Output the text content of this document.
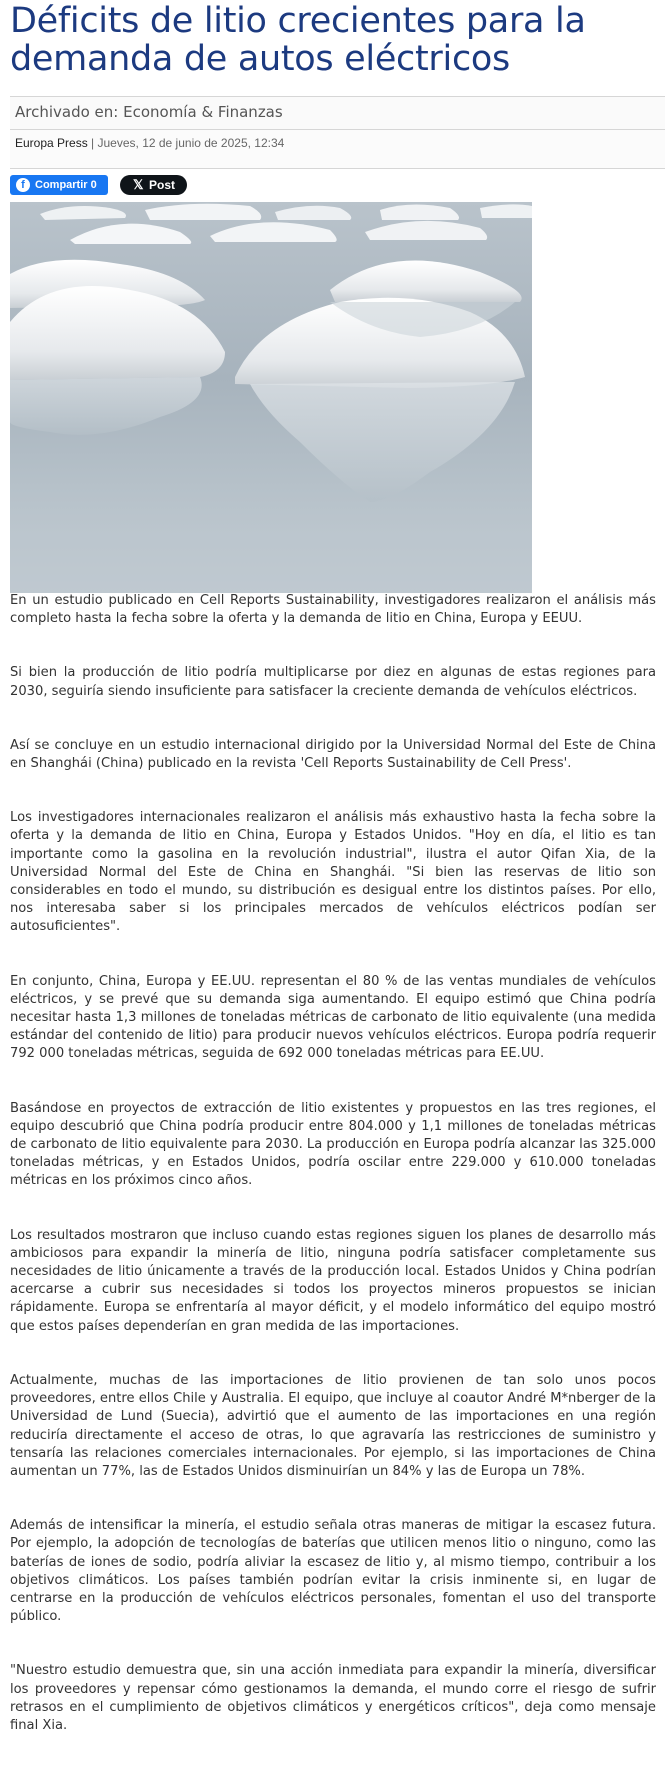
Déficits de litio crecientes para la demanda de autos eléctricos
Archivado en: Economía & Finanzas
Europa Press | Jueves, 12 de junio de 2025, 12:34
f Compartir 0	𝕏 Post

En un estudio publicado en Cell Reports Sustainability, investigadores realizaron el análisis más completo hasta la fecha sobre la oferta y la demanda de litio en China, Europa y EEUU.

Si bien la producción de litio podría multiplicarse por diez en algunas de estas regiones para 2030, seguiría siendo insuficiente para satisfacer la creciente demanda de vehículos eléctricos.

Así se concluye en un estudio internacional dirigido por la Universidad Normal del Este de China en Shanghái (China) publicado en la revista 'Cell Reports Sustainability de Cell Press'.

Los investigadores internacionales realizaron el análisis más exhaustivo hasta la fecha sobre la oferta y la demanda de litio en China, Europa y Estados Unidos. "Hoy en día, el litio es tan importante como la gasolina en la revolución industrial", ilustra el autor Qifan Xia, de la Universidad Normal del Este de China en Shanghái. "Si bien las reservas de litio son considerables en todo el mundo, su distribución es desigual entre los distintos países. Por ello, nos interesaba saber si los principales mercados de vehículos eléctricos podían ser autosuficientes".

En conjunto, China, Europa y EE.UU. representan el 80 % de las ventas mundiales de vehículos eléctricos, y se prevé que su demanda siga aumentando. El equipo estimó que China podría necesitar hasta 1,3 millones de toneladas métricas de carbonato de litio equivalente (una medida estándar del contenido de litio) para producir nuevos vehículos eléctricos. Europa podría requerir 792 000 toneladas métricas, seguida de 692 000 toneladas métricas para EE.UU.

Basándose en proyectos de extracción de litio existentes y propuestos en las tres regiones, el equipo descubrió que China podría producir entre 804.000 y 1,1 millones de toneladas métricas de carbonato de litio equivalente para 2030. La producción en Europa podría alcanzar las 325.000 toneladas métricas, y en Estados Unidos, podría oscilar entre 229.000 y 610.000 toneladas métricas en los próximos cinco años.

Los resultados mostraron que incluso cuando estas regiones siguen los planes de desarrollo más ambiciosos para expandir la minería de litio, ninguna podría satisfacer completamente sus necesidades de litio únicamente a través de la producción local. Estados Unidos y China podrían acercarse a cubrir sus necesidades si todos los proyectos mineros propuestos se inician rápidamente. Europa se enfrentaría al mayor déficit, y el modelo informático del equipo mostró que estos países dependerían en gran medida de las importaciones.

Actualmente, muchas de las importaciones de litio provienen de tan solo unos pocos proveedores, entre ellos Chile y Australia. El equipo, que incluye al coautor André M*nberger de la Universidad de Lund (Suecia), advirtió que el aumento de las importaciones en una región reduciría directamente el acceso de otras, lo que agravaría las restricciones de suministro y tensaría las relaciones comerciales internacionales. Por ejemplo, si las importaciones de China aumentan un 77%, las de Estados Unidos disminuirían un 84% y las de Europa un 78%.

Además de intensificar la minería, el estudio señala otras maneras de mitigar la escasez futura. Por ejemplo, la adopción de tecnologías de baterías que utilicen menos litio o ninguno, como las baterías de iones de sodio, podría aliviar la escasez de litio y, al mismo tiempo, contribuir a los objetivos climáticos. Los países también podrían evitar la crisis inminente si, en lugar de centrarse en la producción de vehículos eléctricos personales, fomentan el uso del transporte público.

"Nuestro estudio demuestra que, sin una acción inmediata para expandir la minería, diversificar los proveedores y repensar cómo gestionamos la demanda, el mundo corre el riesgo de sufrir retrasos en el cumplimiento de objetivos climáticos y energéticos críticos", deja como mensaje final Xia.
